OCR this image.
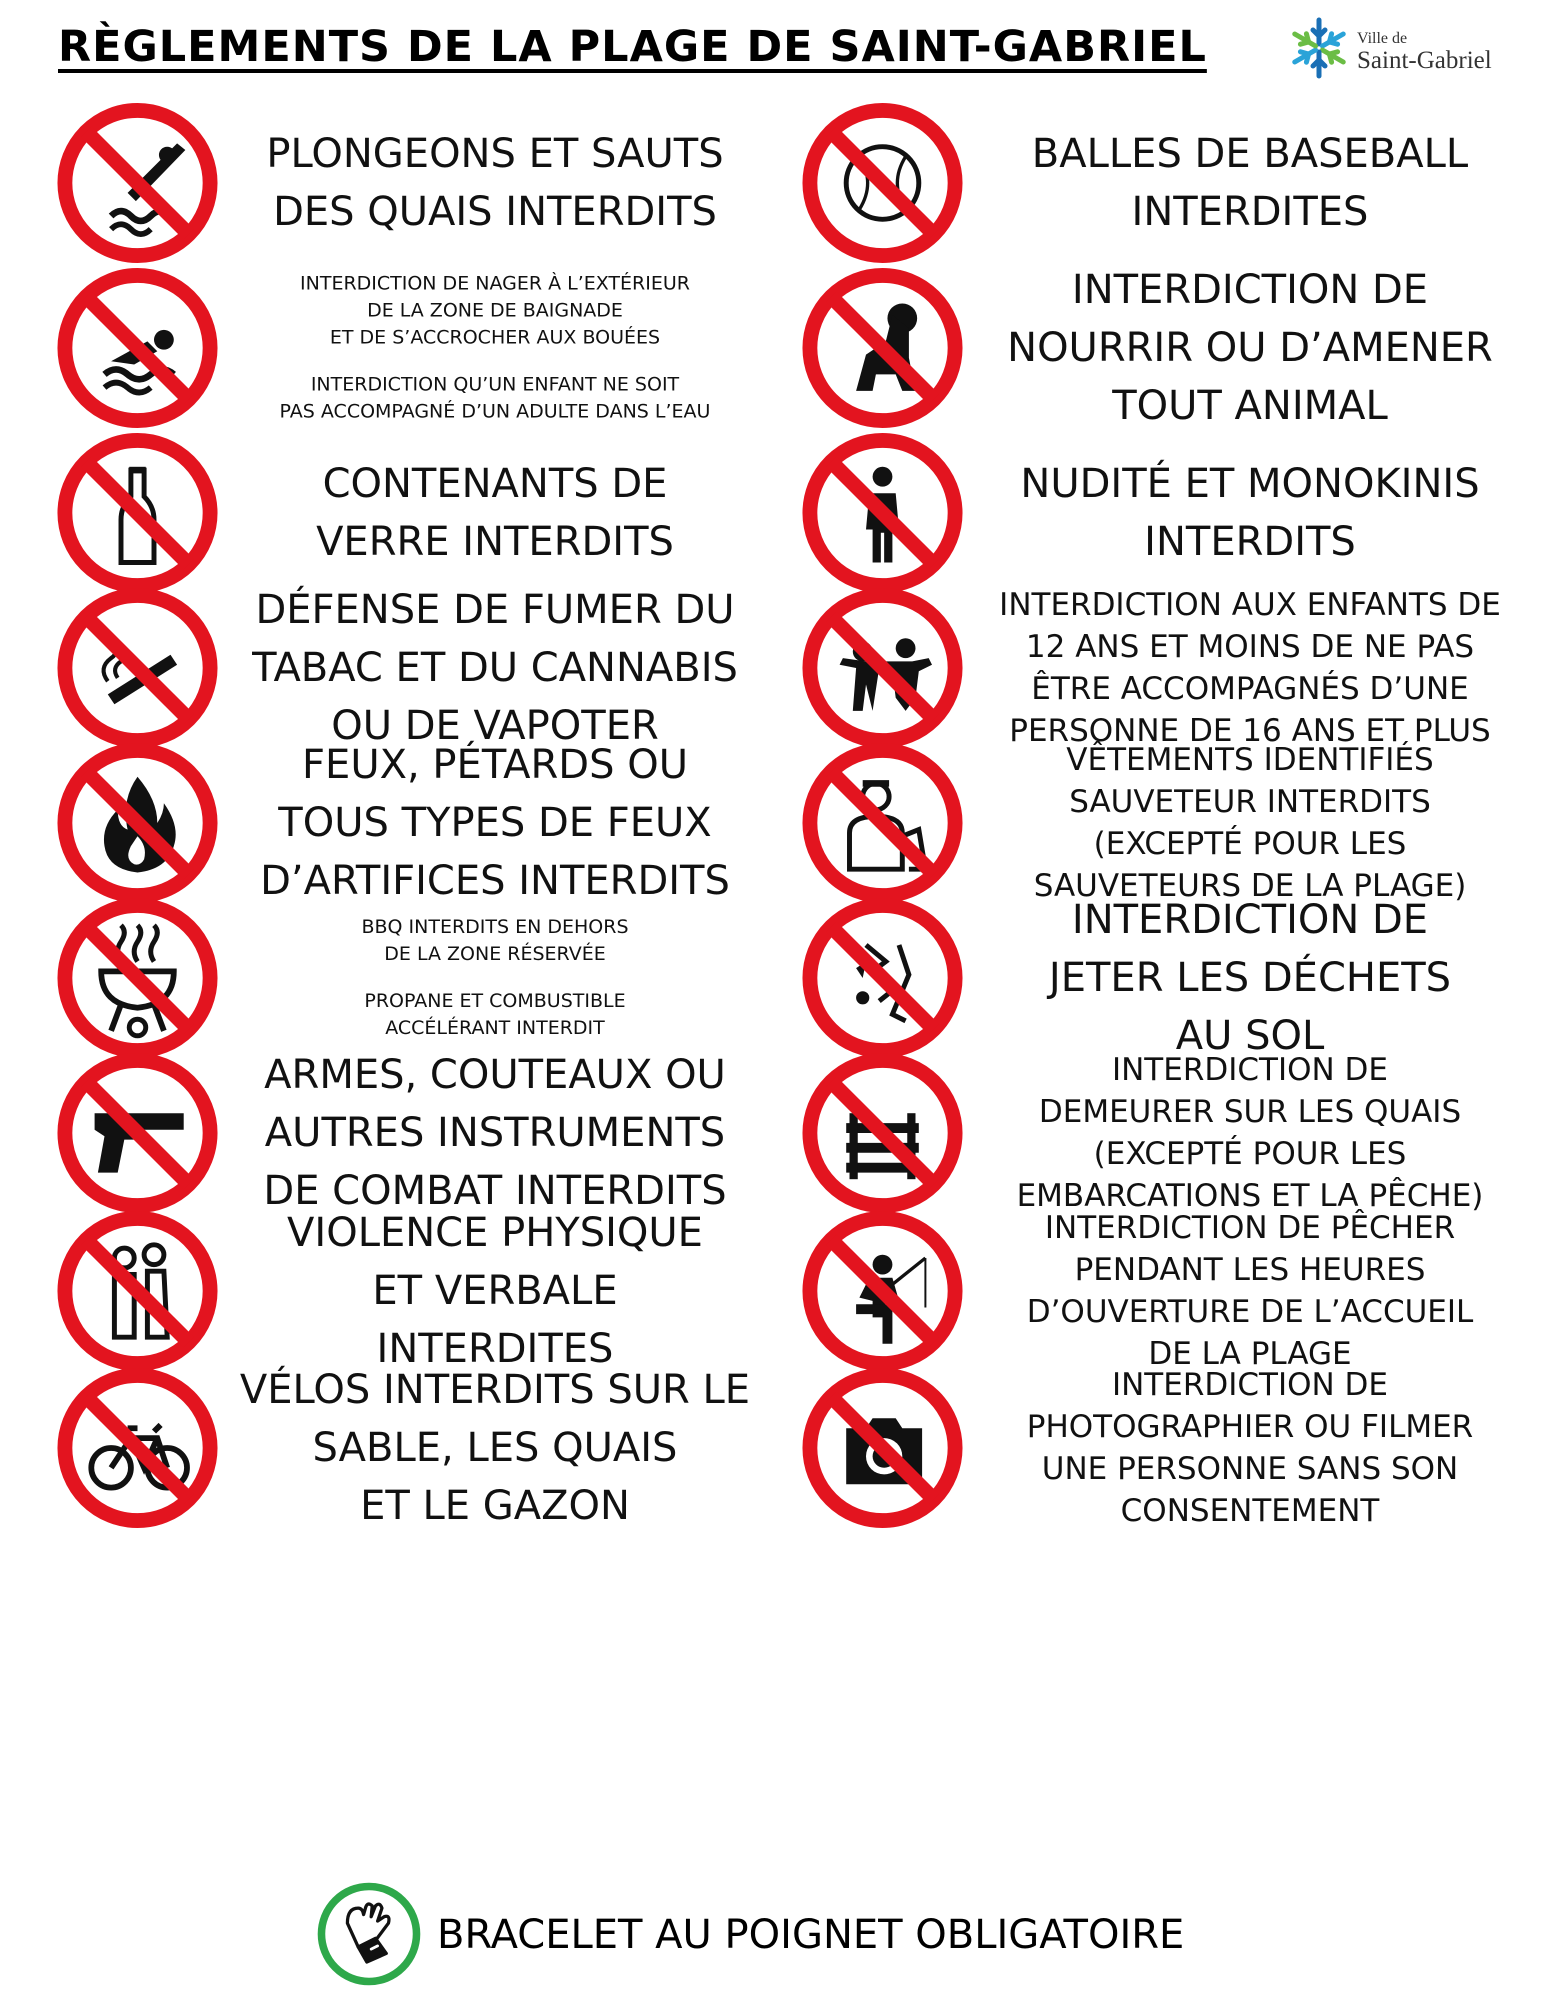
RÈGLEMENTS DE LA PLAGE DE SAINT-GABRIEL	Ville de
Saint-Gabriel
PLONGEONS ET SAUTS
DES QUAIS INTERDITS
INTERDICTION DE NAGER À L’EXTÉRIEUR
DE LA ZONE DE BAIGNADE
ET DE S’ACCROCHER AUX BOUÉES
INTERDICTION QU’UN ENFANT NE SOIT
PAS ACCOMPAGNÉ D’UN ADULTE DANS L’EAU
CONTENANTS DE
VERRE INTERDITS
DÉFENSE DE FUMER DU
TABAC ET DU CANNABIS
OU DE VAPOTER
FEUX, PÉTARDS OU
TOUS TYPES DE FEUX
D’ARTIFICES INTERDITS
BBQ INTERDITS EN DEHORS
DE LA ZONE RÉSERVÉE
PROPANE ET COMBUSTIBLE
ACCÉLÉRANT INTERDIT
ARMES, COUTEAUX OU
AUTRES INSTRUMENTS
DE COMBAT INTERDITS
VIOLENCE PHYSIQUE
ET VERBALE
INTERDITES
VÉLOS INTERDITS SUR LE
SABLE, LES QUAIS
ET LE GAZON
BALLES DE BASEBALL
INTERDITES
INTERDICTION DE
NOURRIR OU D’AMENER
TOUT ANIMAL
NUDITÉ ET MONOKINIS
INTERDITS
INTERDICTION AUX ENFANTS DE
12 ANS ET MOINS DE NE PAS
ÊTRE ACCOMPAGNÉS D’UNE
PERSONNE DE 16 ANS ET PLUS
VÊTEMENTS IDENTIFIÉS
SAUVETEUR INTERDITS
(EXCEPTÉ POUR LES
SAUVETEURS DE LA PLAGE)
INTERDICTION DE
JETER LES DÉCHETS
AU SOL
INTERDICTION DE
DEMEURER SUR LES QUAIS
(EXCEPTÉ POUR LES
EMBARCATIONS ET LA PÊCHE)
INTERDICTION DE PÊCHER
PENDANT LES HEURES
D’OUVERTURE DE L’ACCUEIL
DE LA PLAGE
INTERDICTION DE
PHOTOGRAPHIER OU FILMER
UNE PERSONNE SANS SON
CONSENTEMENT
BRACELET AU POIGNET OBLIGATOIRE
